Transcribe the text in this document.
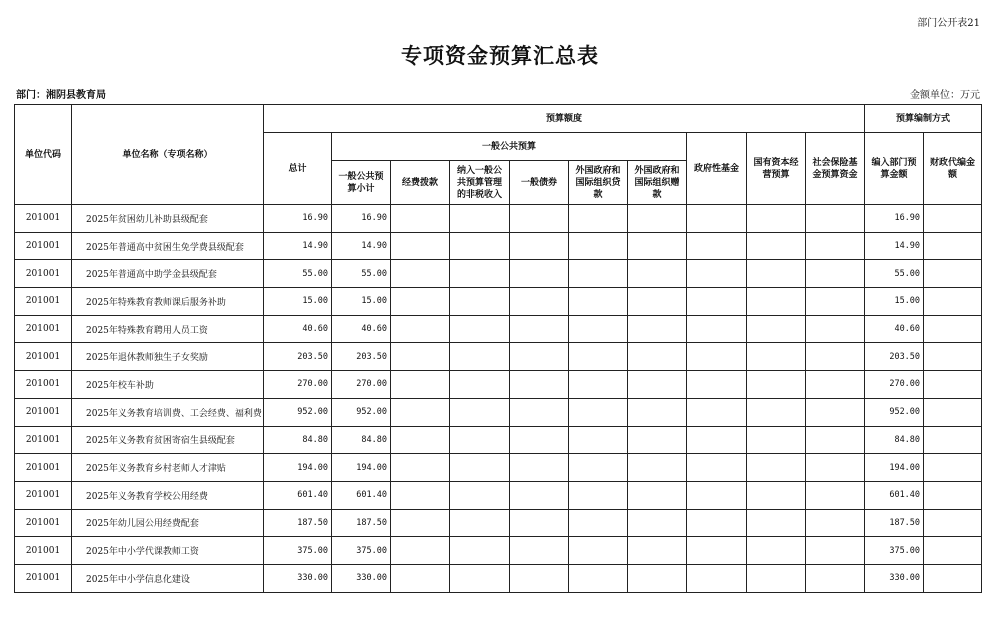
部门公开表21
专项资金预算汇总表
部门：湘阴县教育局	金额单位：万元
单位代码	单位名称（专项名称）	预算额度										预算编制方式	
		总计	一般公共预算						政府性基金	国有资本经营预算	社会保险基金预算资金	编入部门预算金额	财政代编金额
			一般公共预算小计	经费拨款	纳入一般公共预算管理的非税收入	一般债券	外国政府和国际组织贷款	外国政府和国际组织赠款					
201001	2025年贫困幼儿补助县级配套	16.90	16.90									16.90	
201001	2025年普通高中贫困生免学费县级配套	14.90	14.90									14.90	
201001	2025年普通高中助学金县级配套	55.00	55.00									55.00	
201001	2025年特殊教育教师课后服务补助	15.00	15.00									15.00	
201001	2025年特殊教育聘用人员工资	40.60	40.60									40.60	
201001	2025年退休教师独生子女奖励	203.50	203.50									203.50	
201001	2025年校车补助	270.00	270.00									270.00	
201001	2025年义务教育培训费、工会经费、福利费	952.00	952.00									952.00	
201001	2025年义务教育贫困寄宿生县级配套	84.80	84.80									84.80	
201001	2025年义务教育乡村老师人才津贴	194.00	194.00									194.00	
201001	2025年义务教育学校公用经费	601.40	601.40									601.40	
201001	2025年幼儿园公用经费配套	187.50	187.50									187.50	
201001	2025年中小学代课教师工资	375.00	375.00									375.00	
201001	2025年中小学信息化建设	330.00	330.00									330.00	
